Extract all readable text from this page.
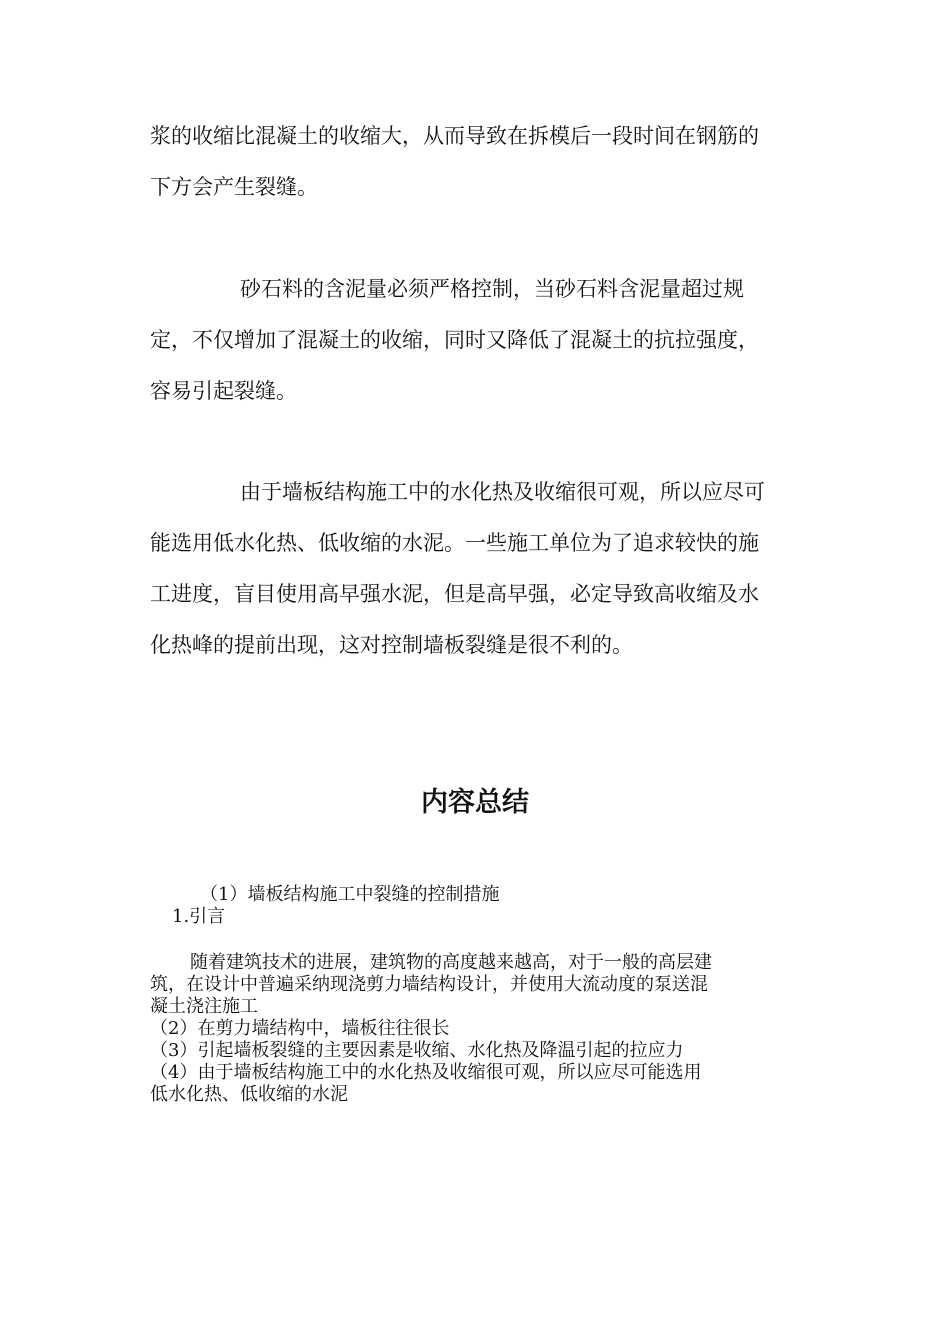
浆的收缩比混凝土的收缩大，从而导致在拆模后一段时间在钢筋的
下方会产生裂缝。

砂石料的含泥量必须严格控制，当砂石料含泥量超过规
定，不仅增加了混凝土的收缩，同时又降低了混凝土的抗拉强度，
容易引起裂缝。

由于墙板结构施工中的水化热及收缩很可观，所以应尽可
能选用低水化热、低收缩的水泥。一些施工单位为了追求较快的施
工进度，盲目使用高早强水泥，但是高早强，必定导致高收缩及水
化热峰的提前出现，这对控制墙板裂缝是很不利的。

内容总结
（1）墙板结构施工中裂缝的控制措施
1.引言
随着建筑技术的进展，建筑物的高度越来越高，对于一般的高层建
筑，在设计中普遍采纳现浇剪力墙结构设计，并使用大流动度的泵送混
凝土浇注施工
（2）在剪力墙结构中，墙板往往很长
（3）引起墙板裂缝的主要因素是收缩、水化热及降温引起的拉应力
（4）由于墙板结构施工中的水化热及收缩很可观，所以应尽可能选用
低水化热、低收缩的水泥
